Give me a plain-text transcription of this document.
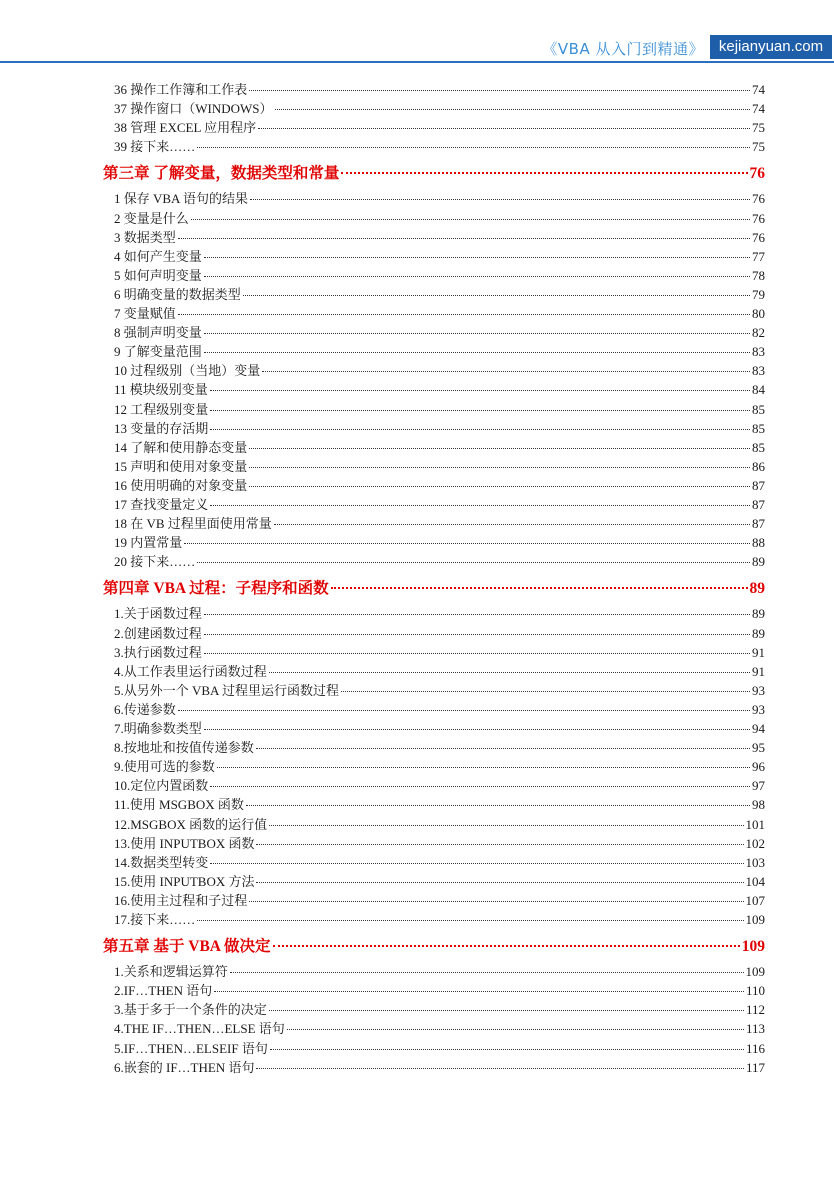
《VBA 从入门到精通》 kejianyuan.com
36 操作工作簿和工作表	74
37 操作窗口（WINDOWS）	74
38 管理 EXCEL 应用程序	75
39 接下来……	75
第三章 了解变量，数据类型和常量	76
1 保存 VBA 语句的结果	76
2 变量是什么	76
3 数据类型	76
4 如何产生变量	77
5 如何声明变量	78
6 明确变量的数据类型	79
7 变量赋值	80
8 强制声明变量	82
9 了解变量范围	83
10 过程级别（当地）变量	83
11 模块级别变量	84
12 工程级别变量	85
13 变量的存活期	85
14 了解和使用静态变量	85
15 声明和使用对象变量	86
16 使用明确的对象变量	87
17 查找变量定义	87
18 在 VB 过程里面使用常量	87
19 内置常量	88
20 接下来……	89
第四章 VBA 过程：子程序和函数	89
1.关于函数过程	89
2.创建函数过程	89
3.执行函数过程	91
4.从工作表里运行函数过程	91
5.从另外一个 VBA 过程里运行函数过程	93
6.传递参数	93
7.明确参数类型	94
8.按地址和按值传递参数	95
9.使用可选的参数	96
10.定位内置函数	97
11.使用 MSGBOX 函数	98
12.MSGBOX 函数的运行值	101
13.使用 INPUTBOX 函数	102
14.数据类型转变	103
15.使用 INPUTBOX 方法	104
16.使用主过程和子过程	107
17.接下来……	109
第五章 基于 VBA 做决定	109
1.关系和逻辑运算符	109
2.IF…THEN 语句	110
3.基于多于一个条件的决定	112
4.THE IF…THEN…ELSE 语句	113
5.IF…THEN…ELSEIF 语句	116
6.嵌套的 IF…THEN 语句	117
